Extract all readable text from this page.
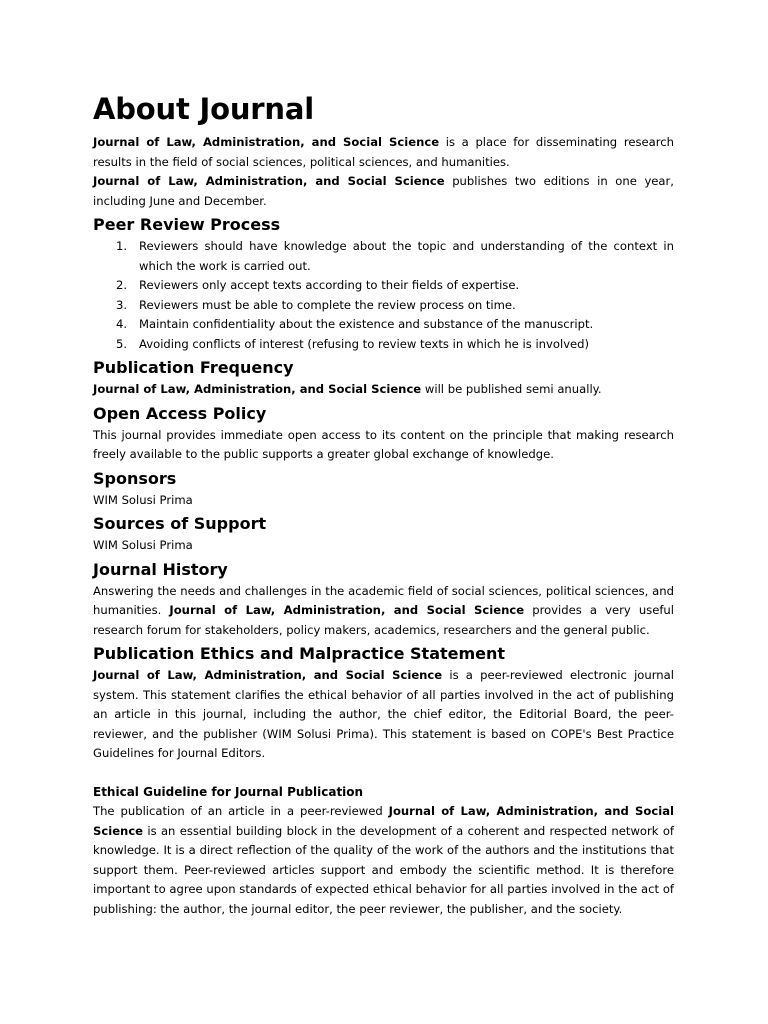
About Journal

Journal of Law, Administration, and Social Science is a place for disseminating research results in the field of social sciences, political sciences, and humanities.

Journal of Law, Administration, and Social Science publishes two editions in one year, including June and December.

Peer Review Process
Reviewers should have knowledge about the topic and understanding of the context in which the work is carried out.
Reviewers only accept texts according to their fields of expertise.
Reviewers must be able to complete the review process on time.
Maintain confidentiality about the existence and substance of the manuscript.
Avoiding conflicts of interest (refusing to review texts in which he is involved)
Publication Frequency

Journal of Law, Administration, and Social Science will be published semi anually.

Open Access Policy

This journal provides immediate open access to its content on the principle that making research freely available to the public supports a greater global exchange of knowledge.

Sponsors

WIM Solusi Prima

Sources of Support

WIM Solusi Prima

Journal History

Answering the needs and challenges in the academic field of social sciences, political sciences, and humanities. Journal of Law, Administration, and Social Science provides a very useful research forum for stakeholders, policy makers, academics, researchers and the general public.

Publication Ethics and Malpractice Statement

Journal of Law, Administration, and Social Science is a peer-reviewed electronic journal system. This statement clarifies the ethical behavior of all parties involved in the act of publishing an article in this journal, including the author, the chief editor, the Editorial Board, the peer-reviewer, and the publisher (WIM Solusi Prima). This statement is based on COPE's Best Practice Guidelines for Journal Editors.

Ethical Guideline for Journal Publication

The publication of an article in a peer-reviewed Journal of Law, Administration, and Social Science is an essential building block in the development of a coherent and respected network of knowledge. It is a direct reflection of the quality of the work of the authors and the institutions that support them. Peer-reviewed articles support and embody the scientific method. It is therefore important to agree upon standards of expected ethical behavior for all parties involved in the act of publishing: the author, the journal editor, the peer reviewer, the publisher, and the society.
